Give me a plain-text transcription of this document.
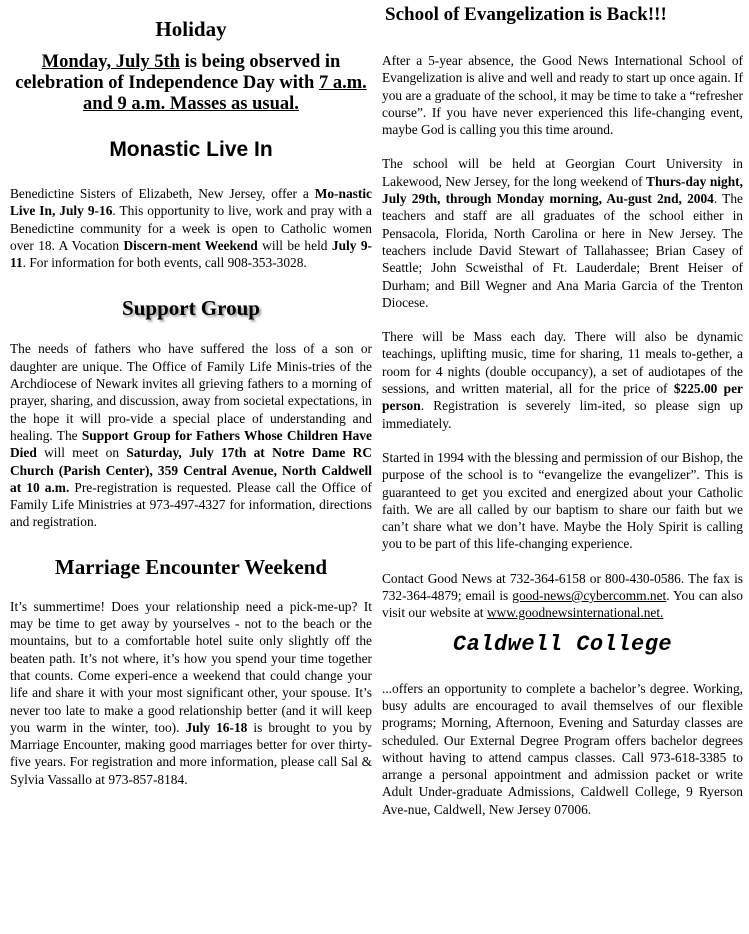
Holiday
Monday, July 5th is being observed in celebration of Independence Day with 7 a.m. and 9 a.m. Masses as usual.
Monastic Live In

Benedictine Sisters of Elizabeth, New Jersey, offer a Mo-nastic Live In, July 9-16. This opportunity to live, work and pray with a Benedictine community for a week is open to Catholic women over 18. A Vocation Discern-ment Weekend will be held July 9-11. For information for both events, call 908-353-3028.

Support Group

The needs of fathers who have suffered the loss of a son or daughter are unique. The Office of Family Life Minis-tries of the Archdiocese of Newark invites all grieving fathers to a morning of prayer, sharing, and discussion, away from societal expectations, in the hope it will pro-vide a special place of understanding and healing. The Support Group for Fathers Whose Children Have Died will meet on Saturday, July 17th at Notre Dame RC Church (Parish Center), 359 Central Avenue, North Caldwell at 10 a.m. Pre-registration is requested. Please call the Office of Family Life Ministries at 973-497-4327 for information, directions and registration.

Marriage Encounter Weekend

It’s summertime! Does your relationship need a pick-me-up? It may be time to get away by yourselves - not to the beach or the mountains, but to a comfortable hotel suite only slightly off the beaten path. It’s not where, it’s how you spend your time together that counts. Come experi-ence a weekend that could change your life and share it with your most significant other, your spouse. It’s never too late to make a good relationship better (and it will keep you warm in the winter, too). July 16-18 is brought to you by Marriage Encounter, making good marriages better for over thirty-five years. For registration and more information, please call Sal & Sylvia Vassallo at 973-857-8184.

School of Evangelization is Back!!!

After a 5-year absence, the Good News International School of Evangelization is alive and well and ready to start up once again. If you are a graduate of the school, it may be time to take a “refresher course”. If you have never experienced this life-changing event, maybe God is calling you this time around.

The school will be held at Georgian Court University in Lakewood, New Jersey, for the long weekend of Thurs-day night, July 29th, through Monday morning, Au-gust 2nd, 2004. The teachers and staff are all graduates of the school either in Pensacola, Florida, North Carolina or here in New Jersey. The teachers include David Stewart of Tallahassee; Brian Casey of Seattle; John Scweisthal of Ft. Lauderdale; Brent Heiser of Durham; and Bill Wegner and Ana Maria Garcia of the Trenton Diocese.

There will be Mass each day. There will also be dynamic teachings, uplifting music, time for sharing, 11 meals to-gether, a room for 4 nights (double occupancy), a set of audiotapes of the sessions, and written material, all for the price of $225.00 per person. Registration is severely lim-ited, so please sign up immediately.

Started in 1994 with the blessing and permission of our Bishop, the purpose of the school is to “evangelize the evangelizer”. This is guaranteed to get you excited and energized about your Catholic faith. We are all called by our baptism to share our faith but we can’t share what we don’t have. Maybe the Holy Spirit is calling you to be part of this life-changing experience.

Contact Good News at 732-364-6158 or 800-430-0586. The fax is 732-364-4879; email is good-news@cybercomm.net. You can also visit our website at www.goodnewsinternational.net.

Caldwell College

...offers an opportunity to complete a bachelor’s degree. Working, busy adults are encouraged to avail themselves of our flexible programs; Morning, Afternoon, Evening and Saturday classes are scheduled. Our External Degree Program offers bachelor degrees without having to attend campus classes. Call 973-618-3385 to arrange a personal appointment and admission packet or write Adult Under-graduate Admissions, Caldwell College, 9 Ryerson Ave-nue, Caldwell, New Jersey 07006.
